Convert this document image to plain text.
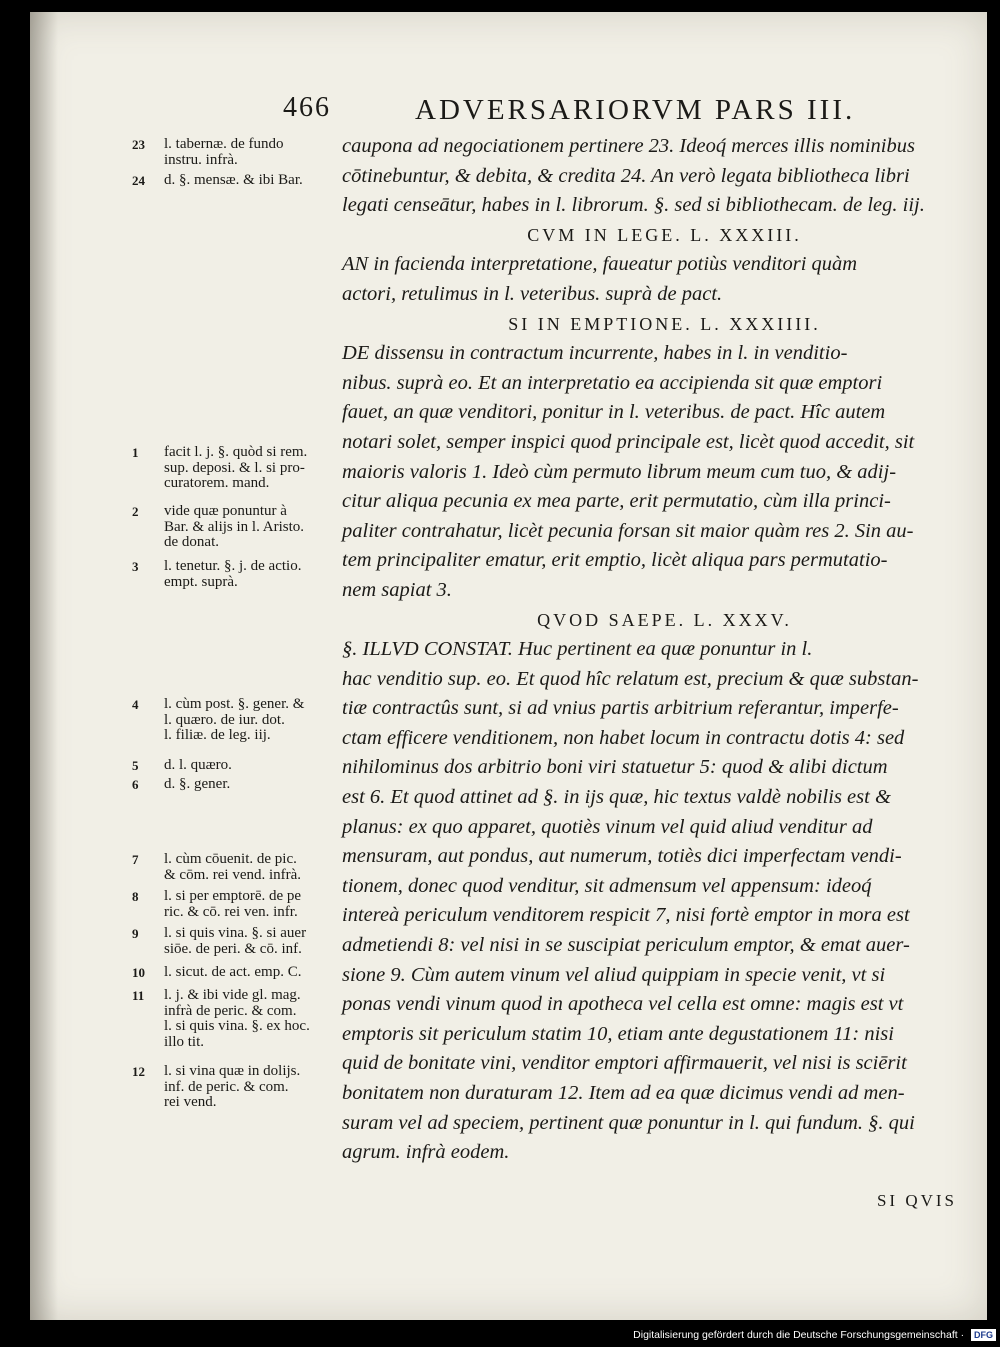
466	ADVERSARIORVM PARS III.
caupona ad negociationem pertinere 23. Ideoq́ merces illis nominibus
cōtinebuntur, & debita, & credita 24. An verò legata bibliotheca libri
legati censeātur, habes in l. librorum. §. sed si bibliothecam. de leg. iij.
CVM IN LEGE. L. XXXIII.
AN in facienda interpretatione, faueatur potiùs venditori quàm
actori, retulimus in l. veteribus. suprà de pact.
SI IN EMPTIONE. L. XXXIIII.
DE dissensu in contractum incurrente, habes in l. in venditio-
nibus. suprà eo. Et an interpretatio ea accipienda sit quæ emptori
fauet, an quæ venditori, ponitur in l. veteribus. de pact. Hîc autem
notari solet, semper inspici quod principale est, licèt quod accedit, sit
maioris valoris 1. Ideò cùm permuto librum meum cum tuo, & adij-
citur aliqua pecunia ex mea parte, erit permutatio, cùm illa princi-
paliter contrahatur, licèt pecunia forsan sit maior quàm res 2. Sin au-
tem principaliter ematur, erit emptio, licèt aliqua pars permutatio-
nem sapiat 3.
QVOD SAEPE. L. XXXV.
§. ILLVD CONSTAT. Huc pertinent ea quæ ponuntur in l.
hac venditio sup. eo. Et quod hîc relatum est, precium & quæ substan-
tiæ contractûs sunt, si ad vnius partis arbitrium referantur, imperfe-
ctam efficere venditionem, non habet locum in contractu dotis 4: sed
nihilominus dos arbitrio boni viri statuetur 5: quod & alibi dictum
est 6. Et quod attinet ad §. in ijs quæ, hic textus valdè nobilis est &
planus: ex quo apparet, quotiès vinum vel quid aliud venditur ad
mensuram, aut pondus, aut numerum, totiès dici imperfectam vendi-
tionem, donec quod venditur, sit admensum vel appensum: ideoq́
intereà periculum venditorem respicit 7, nisi fortè emptor in mora est
admetiendi 8: vel nisi in se suscipiat periculum emptor, & emat auer-
sione 9. Cùm autem vinum vel aliud quippiam in specie venit, vt si
ponas vendi vinum quod in apotheca vel cella est omne: magis est vt
emptoris sit periculum statim 10, etiam ante degustationem 11: nisi
quid de bonitate vini, venditor emptori affirmauerit, vel nisi is sciērit
bonitatem non duraturam 12. Item ad ea quæ dicimus vendi ad men-
suram vel ad speciem, pertinent quæ ponuntur in l. qui fundum. §. qui
agrum. infrà eodem.
SI QVIS
23	l. tabernæ. de fundo
instru. infrà.
24	d. §. mensæ. & ibi Bar.
1	facit l. j. §. quòd si rem.
sup. deposi. & l. si pro-
curatorem. mand.
2	vide quæ ponuntur à
Bar. & alijs in l. Aristo.
de donat.
3	l. tenetur. §. j. de actio.
empt. suprà.
4	l. cùm post. §. gener. &
l. quæro. de iur. dot.
l. filiæ. de leg. iij.
5	d. l. quæro.
6	d. §. gener.
7	l. cùm cōuenit. de pic.
& cōm. rei vend. infrà.
8	l. si per emptorē. de pe
ric. & cō. rei ven. infr.
9	l. si quis vina. §. si auer
siōe. de peri. & cō. inf.
10	l. sicut. de act. emp. C.
11	l. j. & ibi vide gl. mag.
infrà de peric. & com.
l. si quis vina. §. ex hoc.
illo tit.
12	l. si vina quæ in dolijs.
inf. de peric. & com.
rei vend.
Digitalisierung gefördert durch die Deutsche Forschungsgemeinschaft · DFG
